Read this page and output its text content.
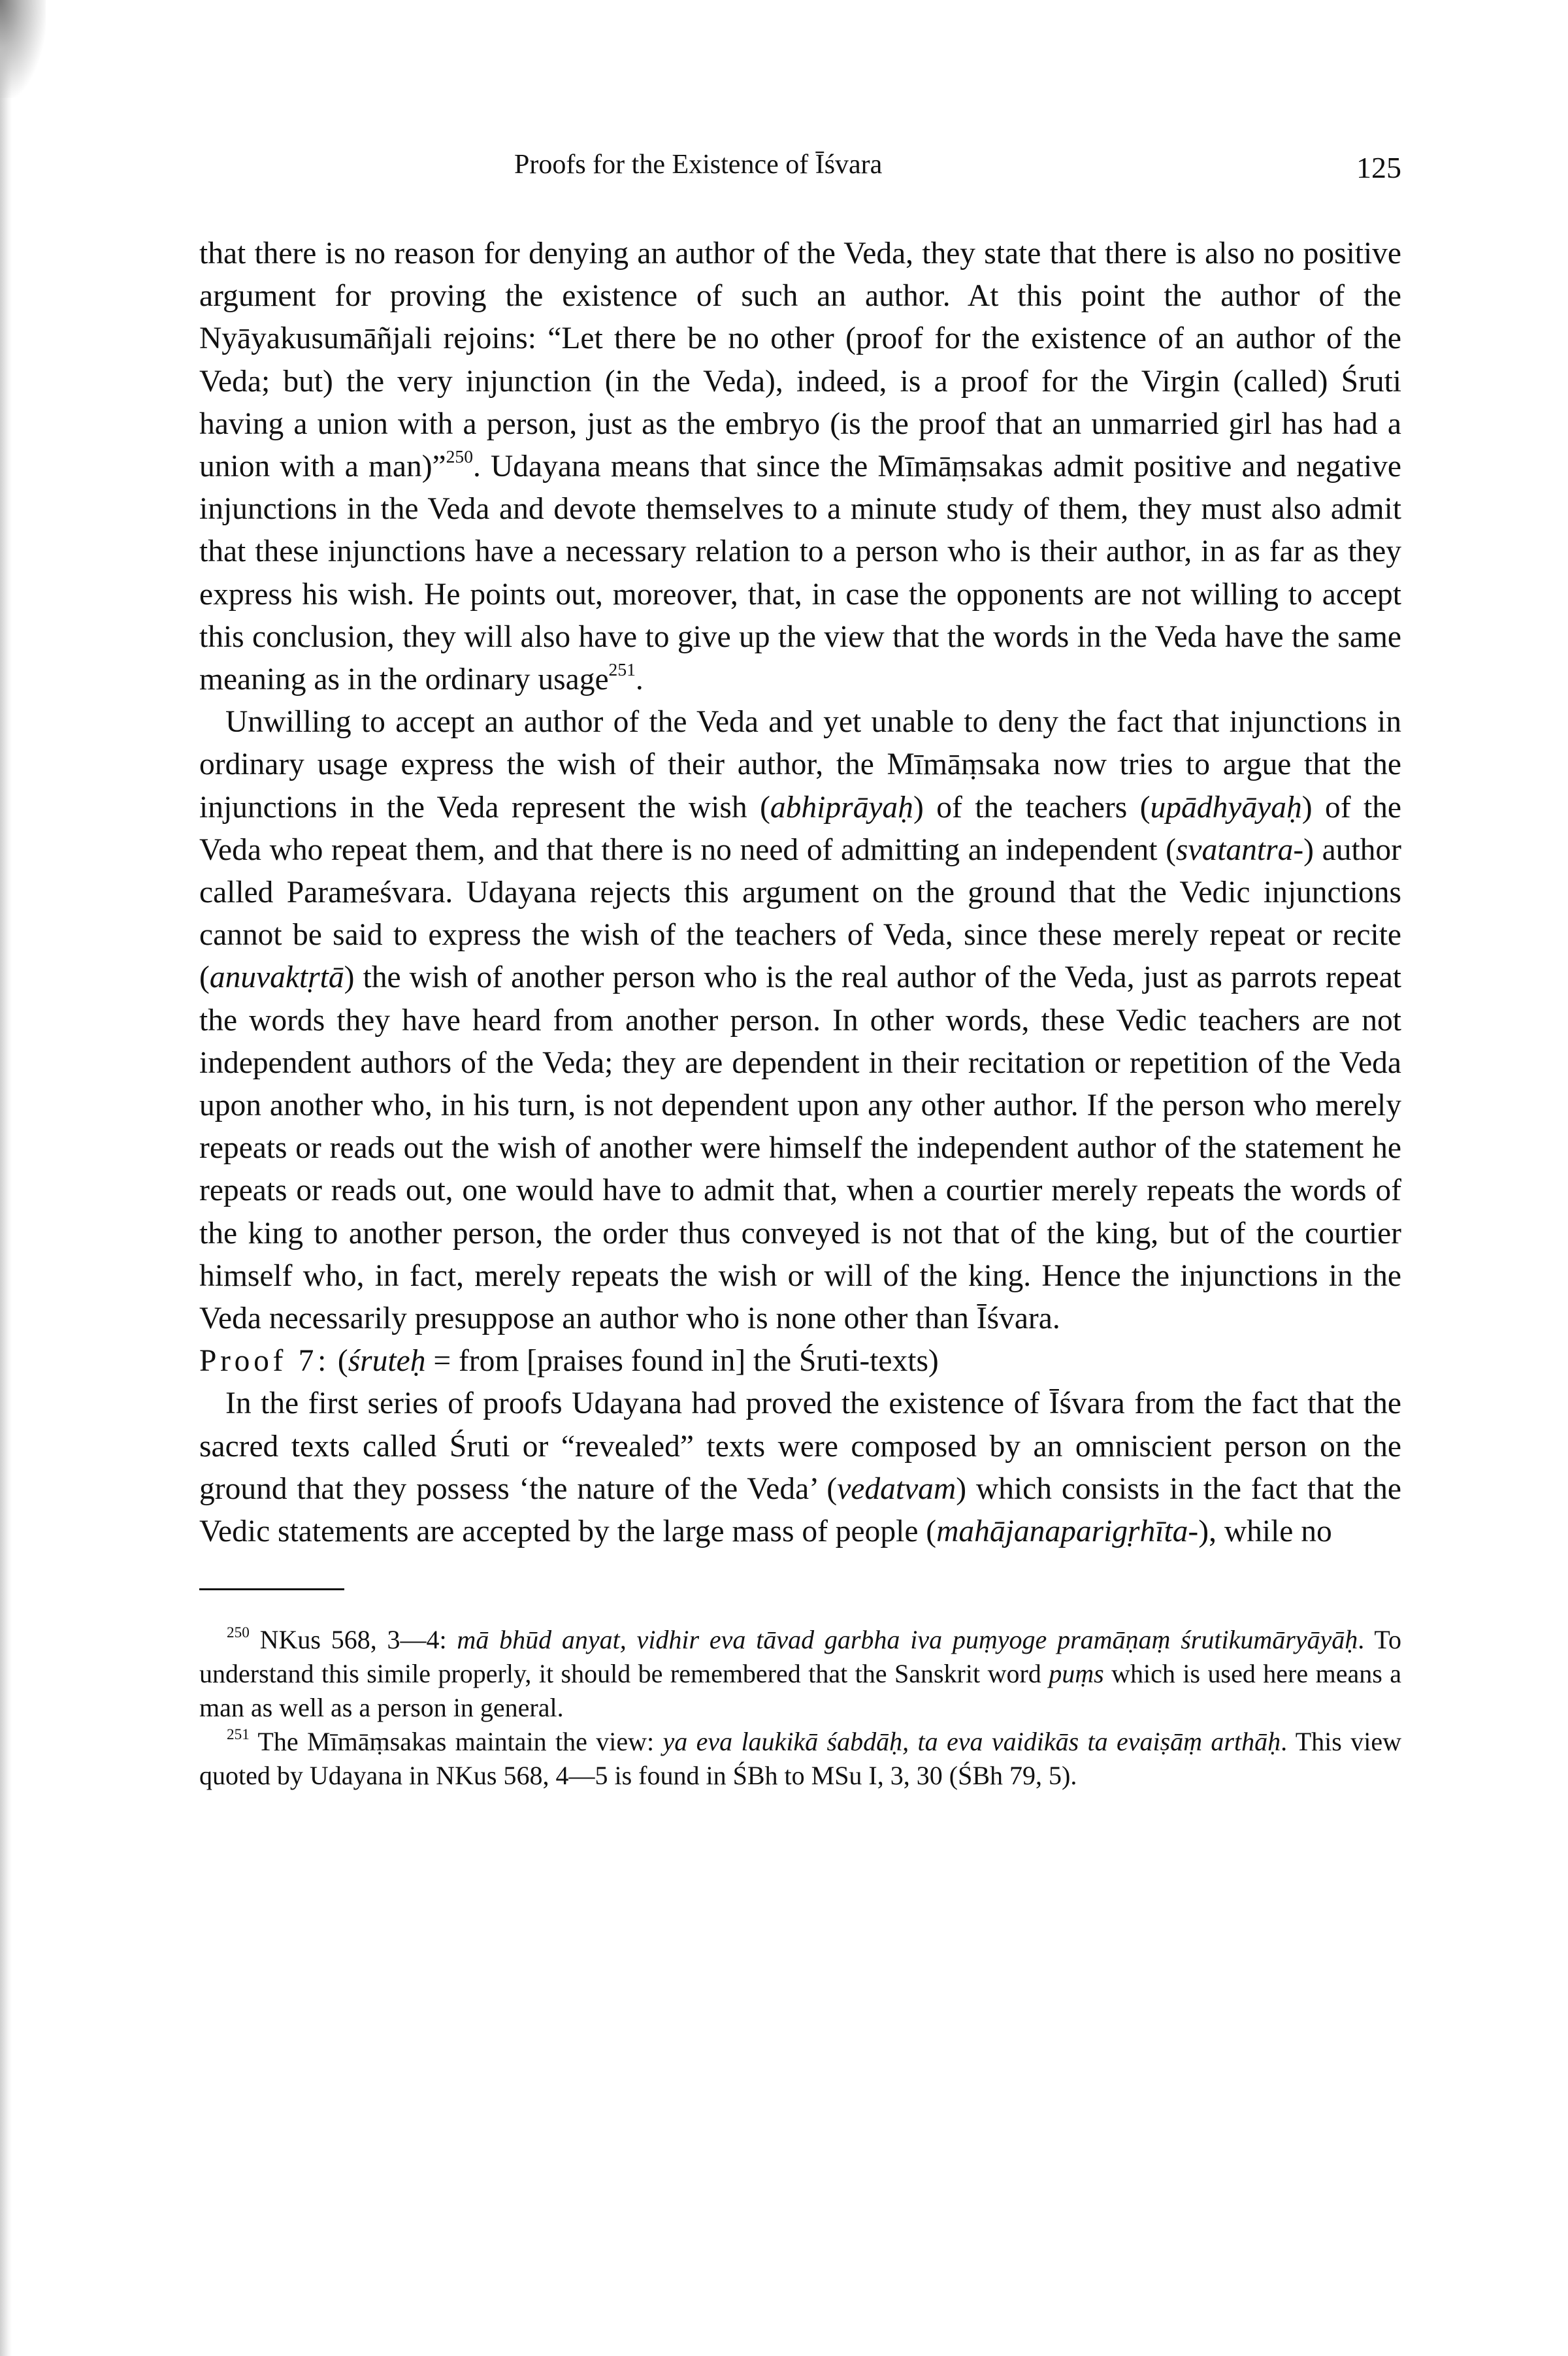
Proofs for the Existence of Īśvara	125

that there is no reason for denying an author of the Veda, they state that there is also no positive argument for proving the existence of such an author. At this point the author of the Nyāyakusumāñjali rejoins: “Let there be no other (proof for the existence of an author of the Veda; but) the very injunction (in the Veda), indeed, is a proof for the Virgin (called) Śruti having a union with a person, just as the embryo (is the proof that an unmarried girl has had a union with a man)”$^{250}$. Udayana means that since the Mīmāṃsakas admit positive and negative injunctions in the Veda and devote themselves to a minute study of them, they must also admit that these injunctions have a necessary relation to a person who is their author, in as far as they express his wish. He points out, moreover, that, in case the opponents are not willing to accept this conclusion, they will also have to give up the view that the words in the Veda have the same meaning as in the ordinary usage$^{251}$.

Unwilling to accept an author of the Veda and yet unable to deny the fact that injunctions in ordinary usage express the wish of their author, the Mīmāṃsaka now tries to argue that the injunctions in the Veda represent the wish (abhiprāyaḥ) of the teachers (upādhyāyaḥ) of the Veda who repeat them, and that there is no need of admitting an independent (svatantra-) author called Parameśvara. Udayana rejects this argument on the ground that the Vedic injunctions cannot be said to express the wish of the teachers of Veda, since these merely repeat or recite (anuvaktṛtā) the wish of another person who is the real author of the Veda, just as parrots repeat the words they have heard from another person. In other words, these Vedic teachers are not independent authors of the Veda; they are dependent in their recitation or repetition of the Veda upon another who, in his turn, is not dependent upon any other author. If the person who merely repeats or reads out the wish of another were himself the independent author of the statement he repeats or reads out, one would have to admit that, when a courtier merely repeats the words of the king to another person, the order thus conveyed is not that of the king, but of the courtier himself who, in fact, merely repeats the wish or will of the king. Hence the injunctions in the Veda necessarily presuppose an author who is none other than Īśvara.

Proof 7: (śruteḥ = from [praises found in] the Śruti-texts)

In the first series of proofs Udayana had proved the existence of Īśvara from the fact that the sacred texts called Śruti or “revealed” texts were composed by an omniscient person on the ground that they possess ‘the nature of the Veda’ (vedatvam) which consists in the fact that the Vedic statements are accepted by the large mass of people (mahājanaparigṛhīta-), while no

$^{250}$ NKus 568, 3—4: mā bhūd anyat, vidhir eva tāvad garbha iva puṃyoge pramāṇaṃ śrutikumāryāyāḥ. To understand this simile properly, it should be remembered that the Sanskrit word puṃs which is used here means a man as well as a person in general.

$^{251}$ The Mīmāṃsakas maintain the view: ya eva laukikā śabdāḥ, ta eva vaidikās ta evaiṣāṃ arthāḥ. This view quoted by Udayana in NKus 568, 4—5 is found in ŚBh to MSu I, 3, 30 (ŚBh 79, 5).
